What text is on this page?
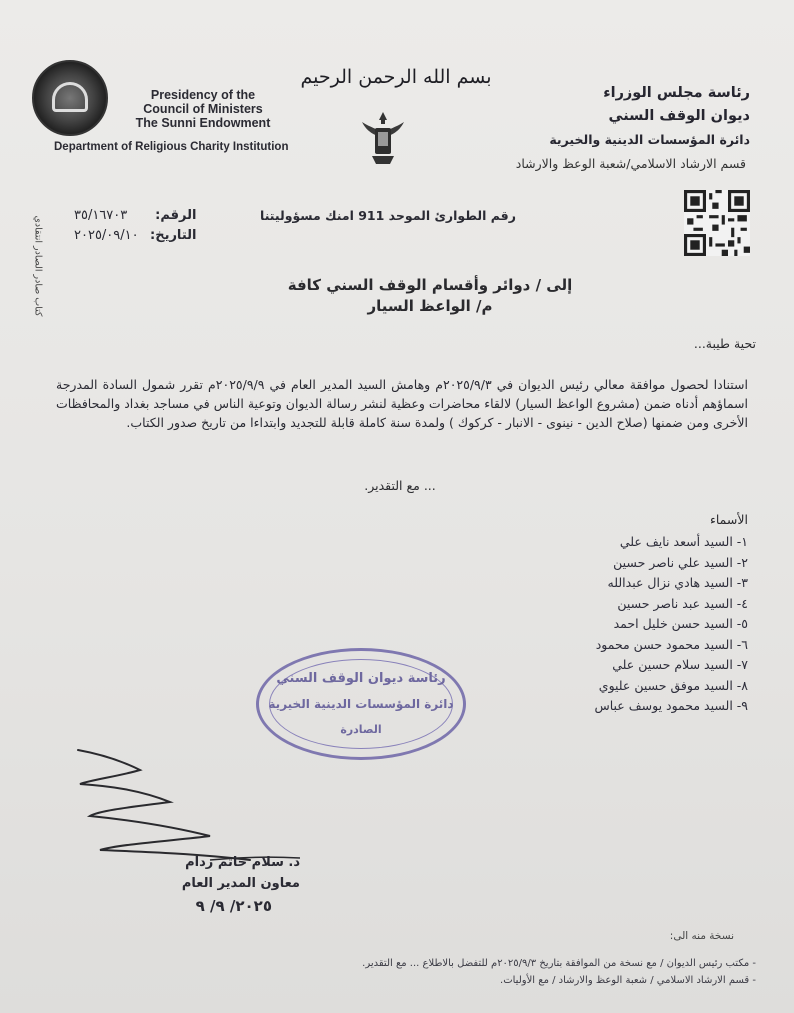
Presidency of the
Council of Ministers
The Sunni Endowment
Department of Religious Charity Institution
بسم الله الرحمن الرحيم
رئاسة مجلس الوزراء
ديوان الوقف السني
دائرة المؤسسات الدينية والخيرية
قسم الارشاد الاسلامي/شعبة الوعظ والارشاد
الرقم:
التاريخ:
٣٥/١٦٧٠٣
٢٠٢٥/٠٩/١٠
رقم الطوارئ الموحد 911 امنك مسؤوليتنا
كتاب صادر الصادر انتقادي	إلى / دوائر وأقسام الوقف السني كافة
م/ الواعظ السيار
تحية طيبة...
استنادا لحصول موافقة معالي رئيس الديوان في ٢٠٢٥/٩/٣م وهامش السيد المدير العام في ٢٠٢٥/٩/٩م تقرر شمول السادة المدرجة اسماؤهم أدناه ضمن (مشروع الواعظ السيار) لالقاء محاضرات وعظية لنشر رسالة الديوان وتوعية الناس في مساجد بغداد والمحافظات الأخرى ومن ضمنها (صلاح الدين - نينوى - الانبار - كركوك ) ولمدة سنة كاملة قابلة للتجديد وابتداءا من تاريخ صدور الكتاب.
... مع التقدير.
الأسماء
١- السيد أسعد نايف علي
٢- السيد علي ناصر حسين
٣- السيد هادي نزال عبدالله
٤- السيد عبد ناصر حسين
٥- السيد حسن خليل احمد
٦- السيد محمود حسن محمود
٧- السيد سلام حسين علي
٨- السيد موفق حسين عليوي
٩- السيد محمود يوسف عباس
رئاسة ديوان الوقف السني
دائرة المؤسسات الدينية الخيرية
الصادرة
د. سلام حاتم ردام
معاون المدير العام
٢٠٢٥/ ٩/ ٩
نسخة منه الى:
- مكتب رئيس الديوان / مع نسخة من الموافقة بتاريخ ٢٠٢٥/٩/٣م للتفضل بالاطلاع ... مع التقدير.
- قسم الارشاد الاسلامي / شعبة الوعظ والارشاد / مع الأوليات.
